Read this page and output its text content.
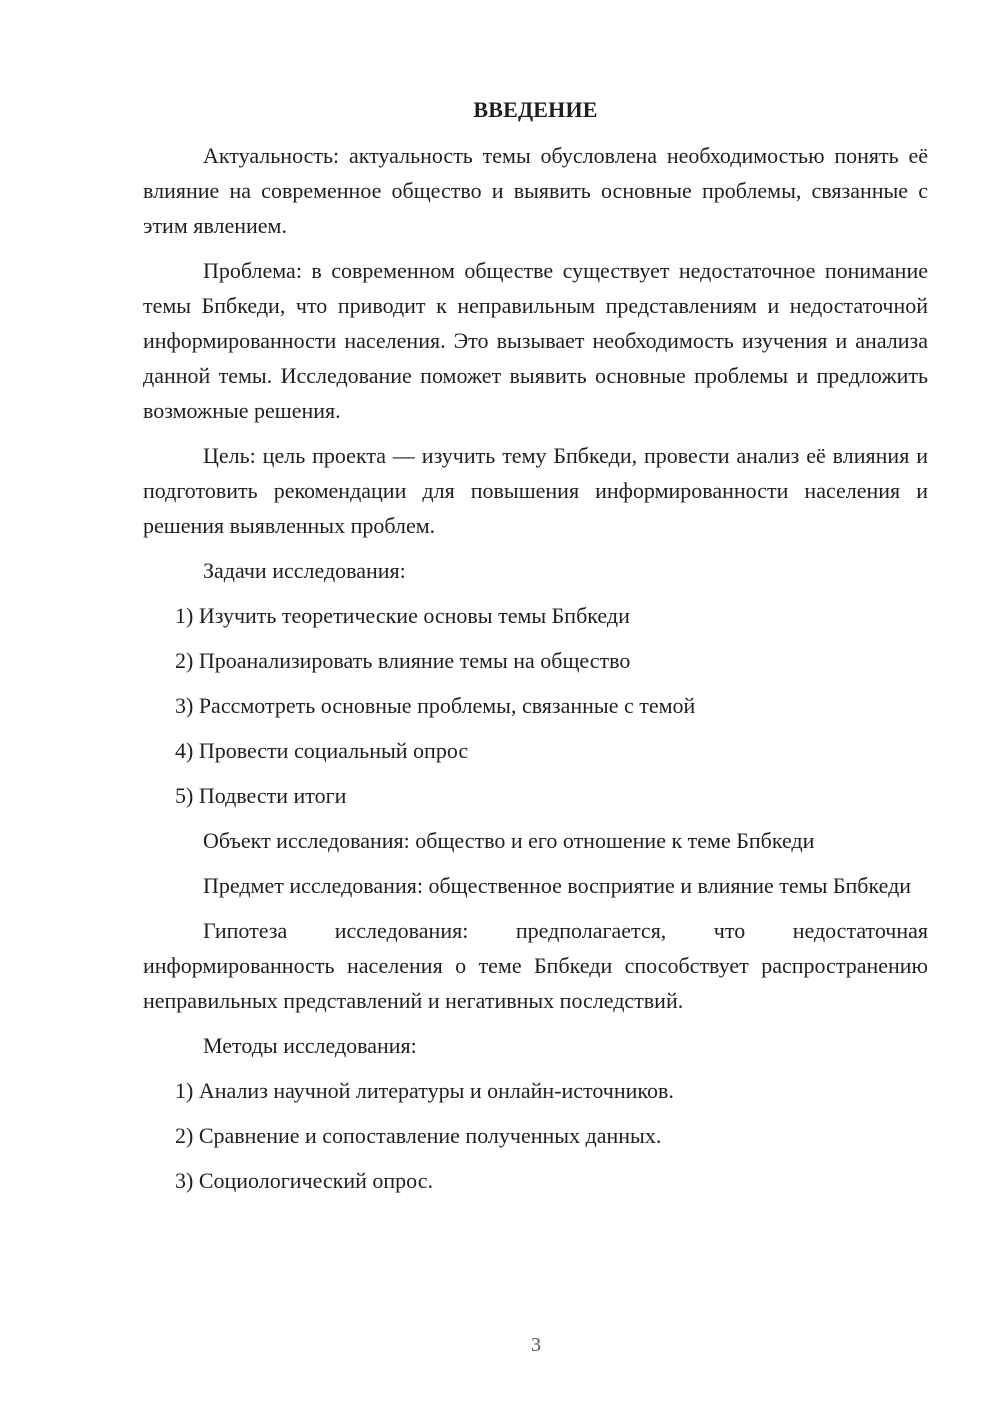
ВВЕДЕНИЕ

Актуальность: актуальность темы обусловлена необходимостью понять её влияние на современное общество и выявить основные проблемы, связанные с этим явлением.

Проблема: в современном обществе существует недостаточное понимание темы Бпбкеди, что приводит к неправильным представлениям и недостаточной информированности населения. Это вызывает необходимость изучения и анализа данной темы. Исследование поможет выявить основные проблемы и предложить возможные решения.

Цель: цель проекта — изучить тему Бпбкеди, провести анализ её влияния и подготовить рекомендации для повышения информированности населения и решения выявленных проблем.

Задачи исследования:

1) Изучить теоретические основы темы Бпбкеди

2) Проанализировать влияние темы на общество

3) Рассмотреть основные проблемы, связанные с темой

4) Провести социальный опрос

5) Подвести итоги

Объект исследования: общество и его отношение к теме Бпбкеди

Предмет исследования: общественное восприятие и влияние темы Бпбкеди

Гипотеза исследования: предполагается, что недостаточная информированность населения о теме Бпбкеди способствует распространению неправильных представлений и негативных последствий.

Методы исследования:

1) Анализ научной литературы и онлайн-источников.

2) Сравнение и сопоставление полученных данных.

3) Социологический опрос.

3
